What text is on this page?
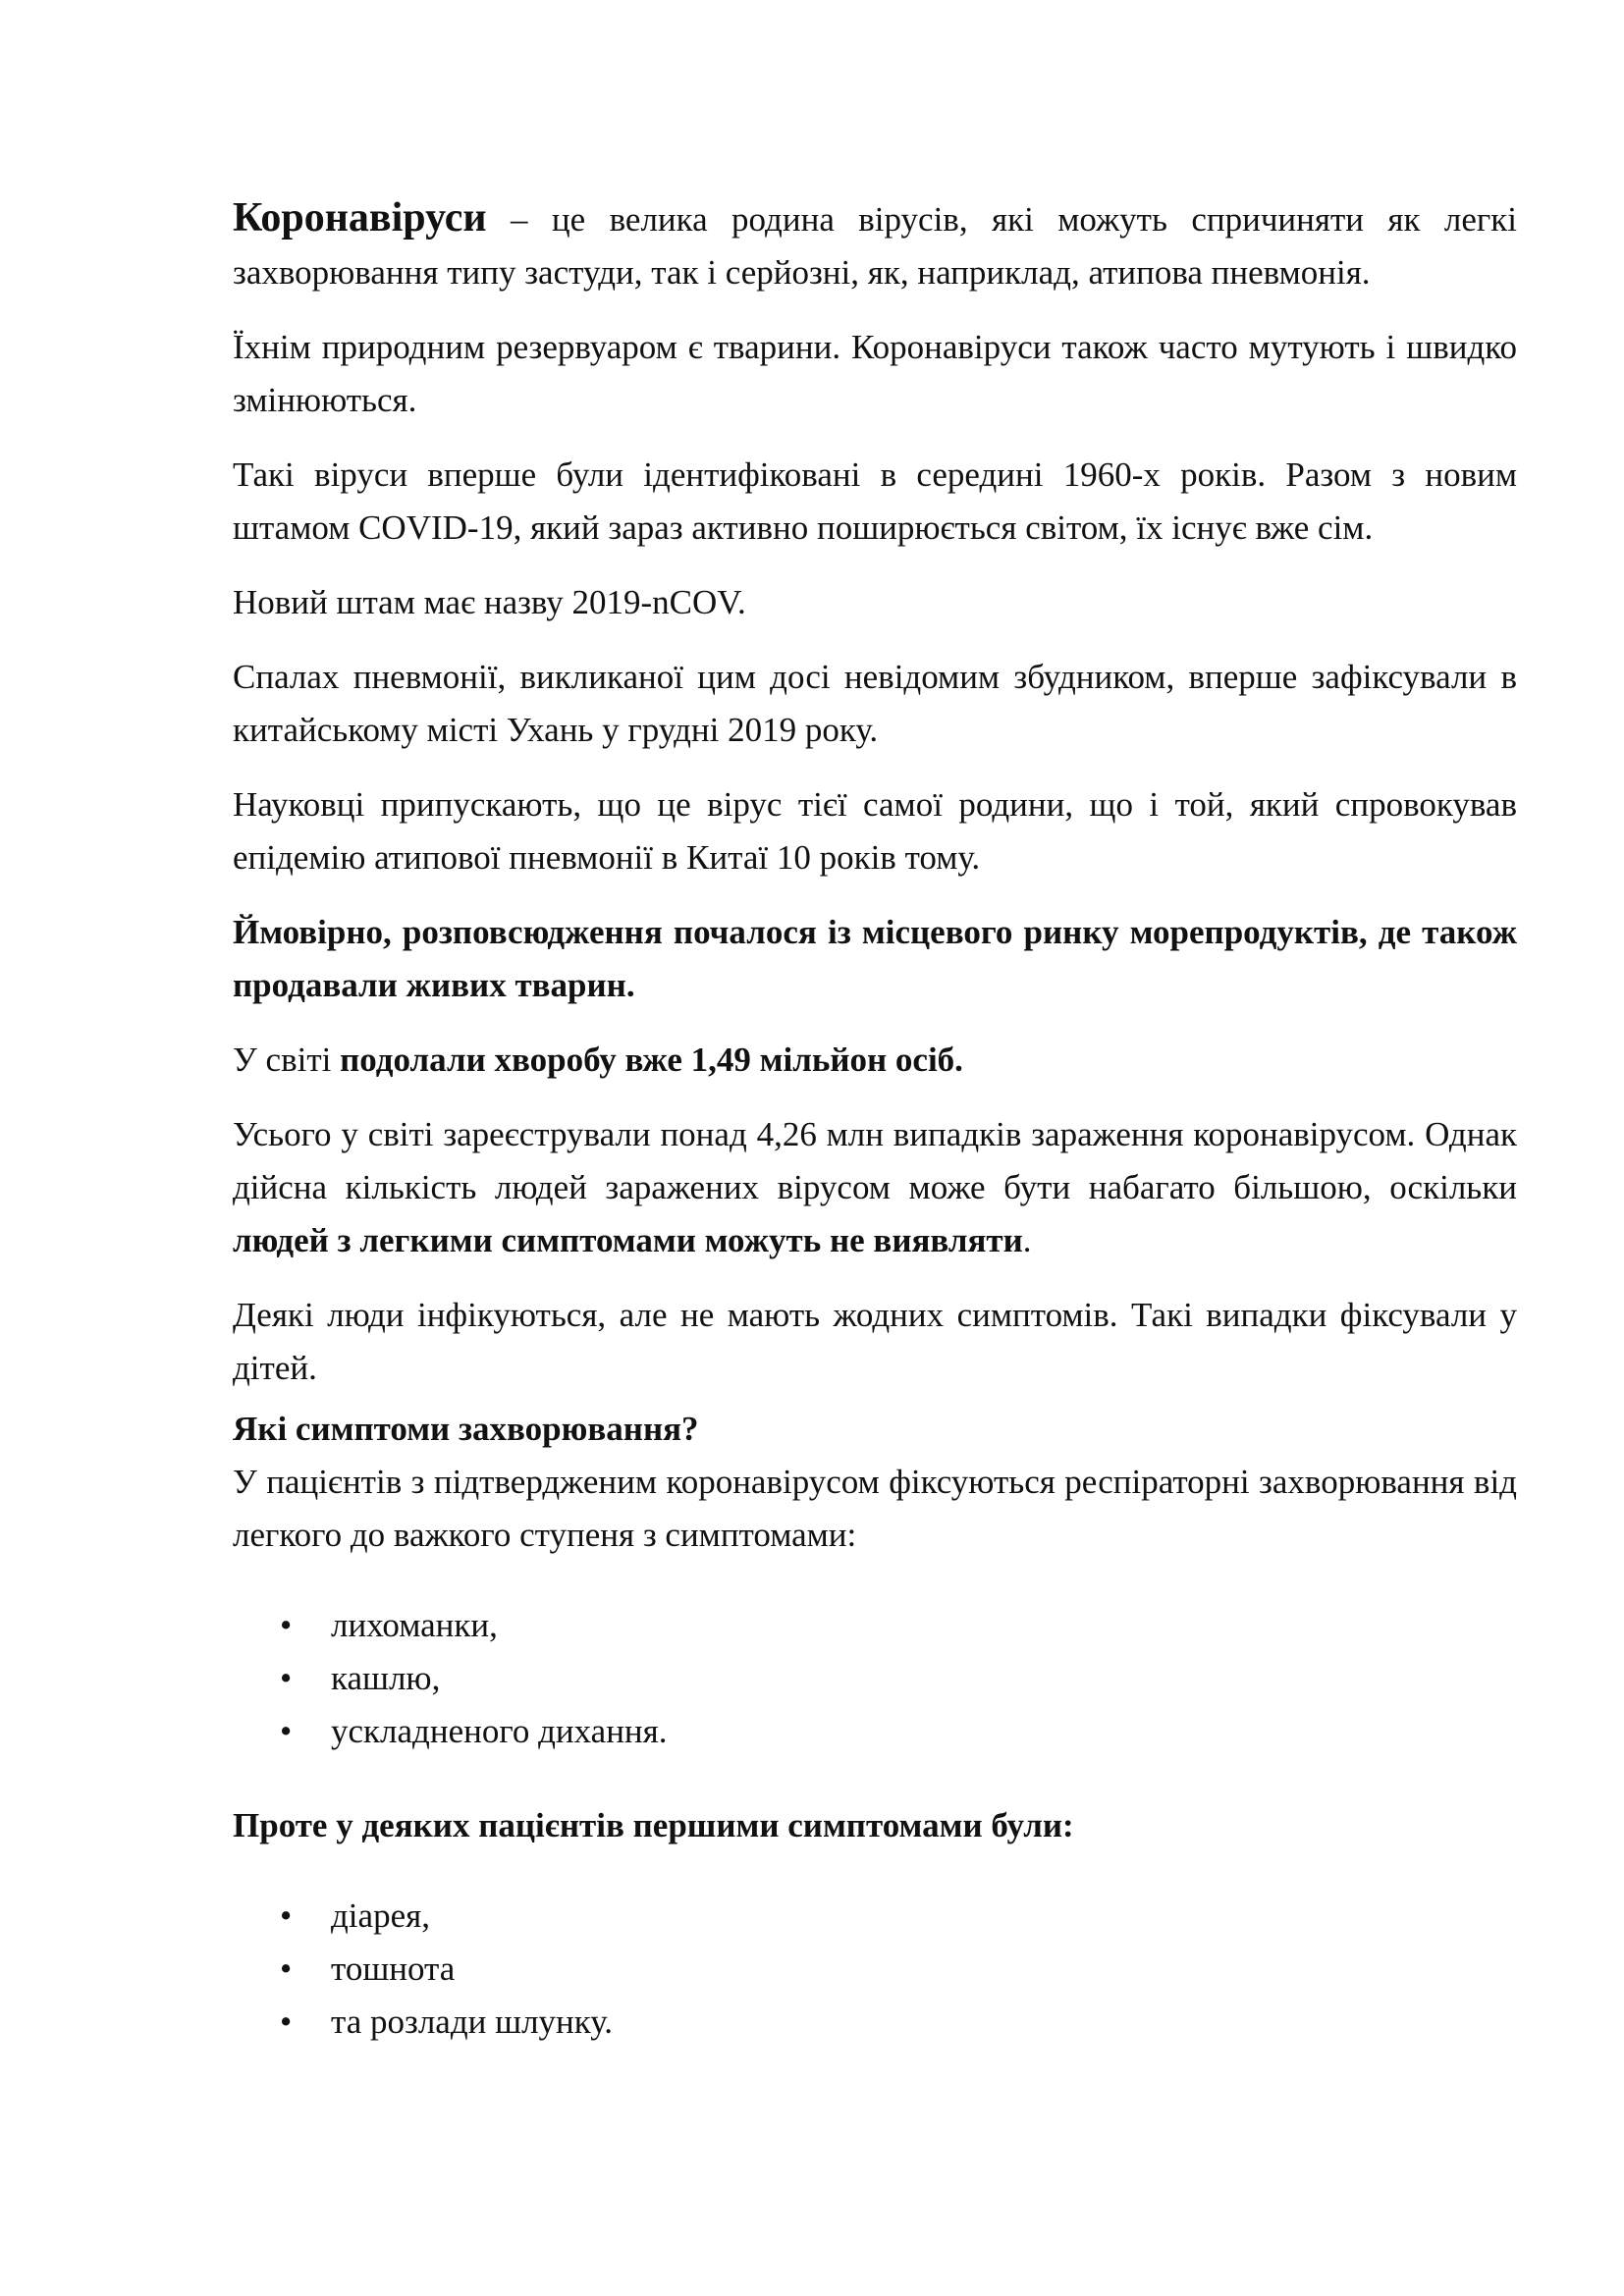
Коронавіруси – це велика родина вірусів, які можуть спричиняти як легкі захворювання типу застуди, так і серйозні, як, наприклад, атипова пневмонія.

Їхнім природним резервуаром є тварини. Коронавіруси також часто мутують і швидко змінюються.

Такі віруси вперше були ідентифіковані в середині 1960-х років. Разом з новим штамом COVID-19, який зараз активно поширюється світом, їх існує вже сім.

Новий штам має назву 2019-nCOV.

Спалах пневмонії, викликаної цим досі невідомим збудником, вперше зафіксували в китайському місті Ухань у грудні 2019 року.

Науковці припускають, що це вірус тієї самої родини, що і той, який спровокував епідемію атипової пневмонії в Китаї 10 років тому.

Ймовірно, розповсюдження почалося із місцевого ринку морепродуктів, де також продавали живих тварин.

У світі подолали хворобу вже 1,49 мільйон осіб.

Усього у світі зареєстрували понад 4,26 млн випадків зараження коронавірусом. Однак дійсна кількість людей заражених вірусом може бути набагато більшою, оскільки людей з легкими симптомами можуть не виявляти.

Деякі люди інфікуються, але не мають жодних симптомів. Такі випадки фіксували у дітей.

Які симптоми захворювання?

У пацієнтів з підтвердженим коронавірусом фіксуються респіраторні захворювання від легкого до важкого ступеня з симптомами:

• лихоманки,
• кашлю,
• ускладненого дихання.

Проте у деяких пацієнтів першими симптомами були:

• діарея,
• тошнота
• та розлади шлунку.
